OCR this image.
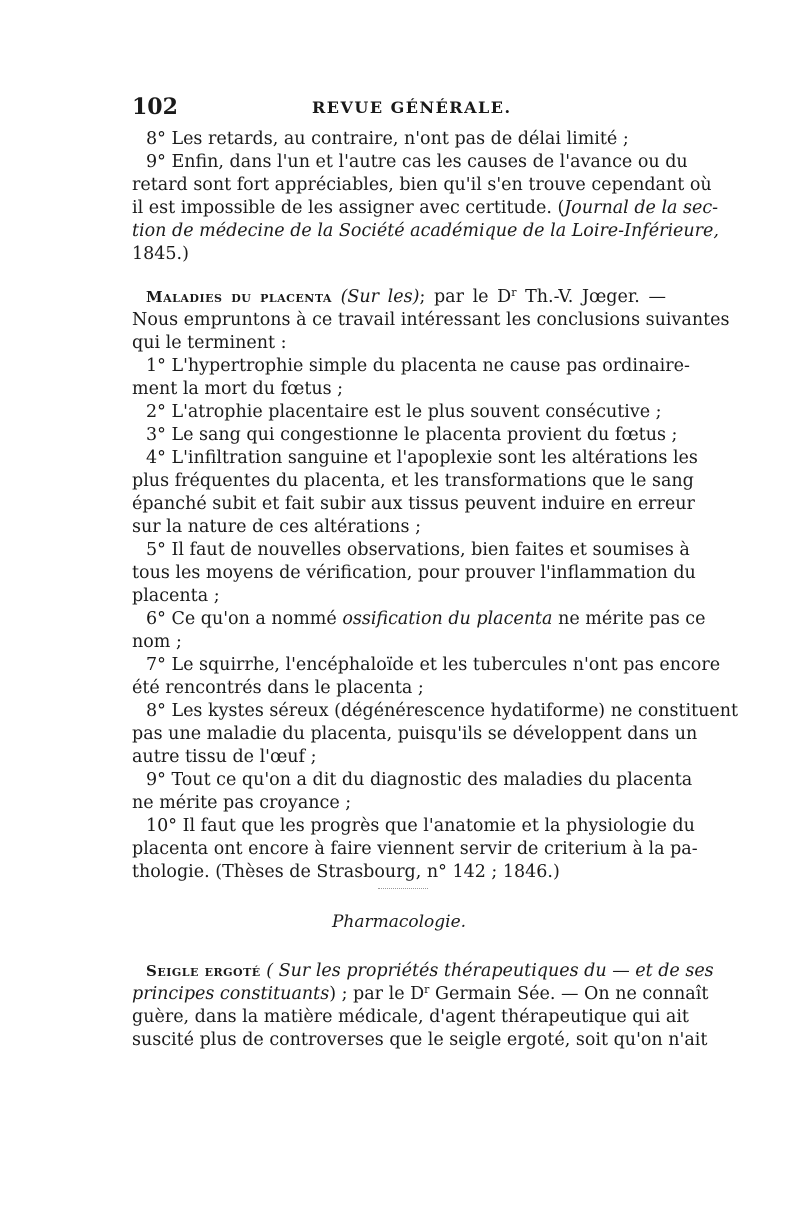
102	REVUE GÉNÉRALE.
8° Les retards, au contraire, n'ont pas de délai limité ;
9° Enfin, dans l'un et l'autre cas les causes de l'avance ou du
retard sont fort appréciables, bien qu'il s'en trouve cependant où
il est impossible de les assigner avec certitude. (Journal de la sec-
tion de médecine de la Société académique de la Loire-Inférieure,
1845.)
Maladies du placenta (Sur les); par le $D^r$ Th.-V. Jœger. —
Nous empruntons à ce travail intéressant les conclusions suivantes
qui le terminent :
1° L'hypertrophie simple du placenta ne cause pas ordinaire-
ment la mort du fœtus ;
2° L'atrophie placentaire est le plus souvent consécutive ;
3° Le sang qui congestionne le placenta provient du fœtus ;
4° L'infiltration sanguine et l'apoplexie sont les altérations les
plus fréquentes du placenta, et les transformations que le sang
épanché subit et fait subir aux tissus peuvent induire en erreur
sur la nature de ces altérations ;
5° Il faut de nouvelles observations, bien faites et soumises à
tous les moyens de vérification, pour prouver l'inflammation du
placenta ;
6° Ce qu'on a nommé ossification du placenta ne mérite pas ce
nom ;
7° Le squirrhe, l'encéphaloïde et les tubercules n'ont pas encore
été rencontrés dans le placenta ;
8° Les kystes séreux (dégénérescence hydatiforme) ne constituent
pas une maladie du placenta, puisqu'ils se développent dans un
autre tissu de l'œuf ;
9° Tout ce qu'on a dit du diagnostic des maladies du placenta
ne mérite pas croyance ;
10° Il faut que les progrès que l'anatomie et la physiologie du
placenta ont encore à faire viennent servir de criterium à la pa-
thologie. (Thèses de Strasbourg, n° 142 ; 1846.)
Pharmacologie.
Seigle ergoté ( Sur les propriétés thérapeutiques du — et de ses
principes constituants) ; par le $D^r$ Germain Sée. — On ne connaît
guère, dans la matière médicale, d'agent thérapeutique qui ait
suscité plus de controverses que le seigle ergoté, soit qu'on n'ait
